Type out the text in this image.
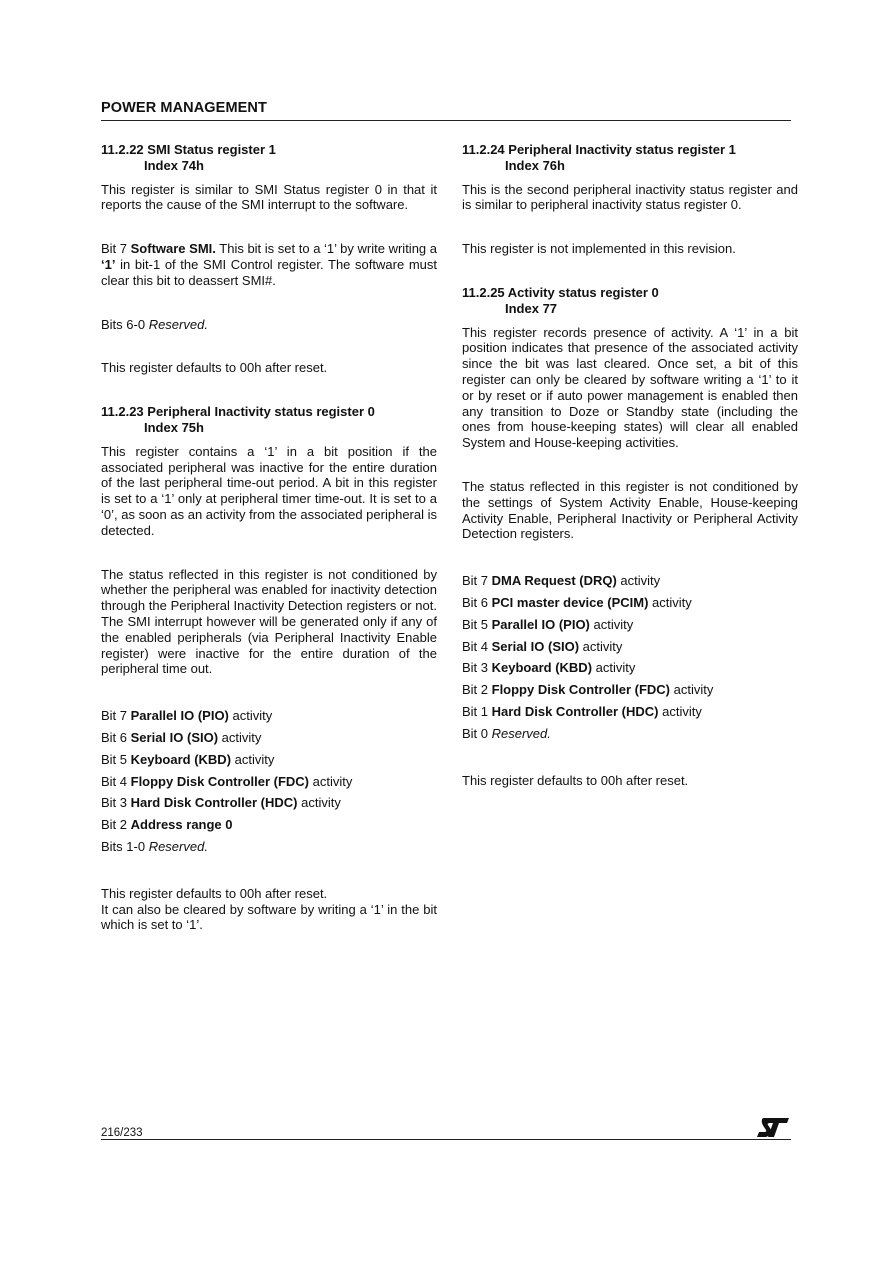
POWER MANAGEMENT

11.2.22 SMI Status register 1
Index 74h

This register is similar to SMI Status register 0 in that it reports the cause of the SMI interrupt to the software.

Bit 7 Software SMI. This bit is set to a ‘1’ by write writing a ‘1’ in bit-1 of the SMI Control register. The software must clear this bit to deassert SMI#.

Bits 6-0 Reserved.

This register defaults to 00h after reset.

11.2.23 Peripheral Inactivity status register 0
Index 75h

This register contains a ‘1’ in a bit position if the associated peripheral was inactive for the entire duration of the last peripheral time-out period. A bit in this register is set to a ‘1’ only at peripheral timer time-out. It is set to a ‘0’, as soon as an activity from the associated peripheral is detected.

The status reflected in this register is not conditioned by whether the peripheral was enabled for inactivity detection through the Peripheral Inactivity Detection registers or not. The SMI interrupt however will be generated only if any of the enabled peripherals (via Peripheral Inactivity Enable register) were inactive for the entire duration of the peripheral time out.

Bit 7 Parallel IO (PIO) activity
Bit 6 Serial IO (SIO) activity
Bit 5 Keyboard (KBD) activity
Bit 4 Floppy Disk Controller (FDC) activity
Bit 3 Hard Disk Controller (HDC) activity
Bit 2 Address range 0
Bits 1-0 Reserved.

This register defaults to 00h after reset.

It can also be cleared by software by writing a ‘1’ in the bit which is set to ‘1’.

11.2.24 Peripheral Inactivity status register 1
Index 76h

This is the second peripheral inactivity status register and is similar to peripheral inactivity status register 0.

This register is not implemented in this revision.

11.2.25 Activity status register 0
Index 77

This register records presence of activity. A ‘1’ in a bit position indicates that presence of the associated activity since the bit was last cleared. Once set, a bit of this register can only be cleared by software writing a ‘1’ to it or by reset or if auto power management is enabled then any transition to Doze or Standby state (including the ones from house-keeping states) will clear all enabled System and House-keeping activities.

The status reflected in this register is not conditioned by the settings of System Activity Enable, House-keeping Activity Enable, Peripheral Inactivity or Peripheral Activity Detection registers.

Bit 7 DMA Request (DRQ) activity
Bit 6 PCI master device (PCIM) activity
Bit 5 Parallel IO (PIO) activity
Bit 4 Serial IO (SIO) activity
Bit 3 Keyboard (KBD) activity
Bit 2 Floppy Disk Controller (FDC) activity
Bit 1 Hard Disk Controller (HDC) activity
Bit 0 Reserved.

This register defaults to 00h after reset.

216/233
